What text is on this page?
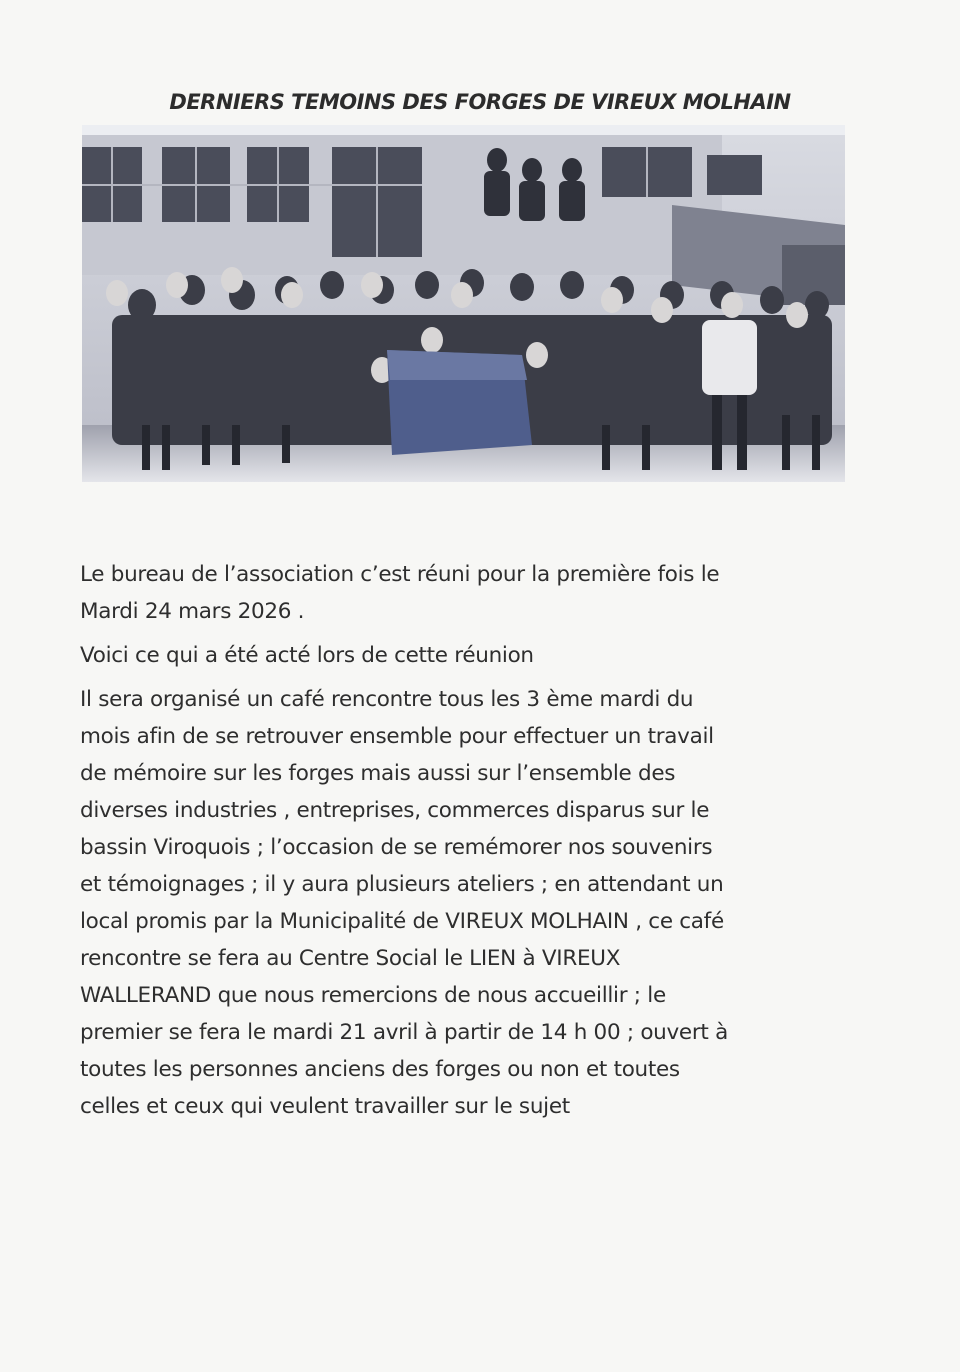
DERNIERS TEMOINS DES FORGES DE VIREUX MOLHAIN

Le bureau de l’association c’est réuni pour la première fois le
Mardi 24 mars 2026 .

Voici ce qui a été acté lors de cette réunion

Il sera organisé un café rencontre tous les 3 ème mardi du
mois afin de se retrouver ensemble pour effectuer un travail
de mémoire sur les forges mais aussi sur l’ensemble des
diverses industries , entreprises, commerces disparus sur le
bassin Viroquois ; l’occasion de se remémorer nos souvenirs
et témoignages ; il y aura plusieurs ateliers ; en attendant un
local promis par la Municipalité de VIREUX MOLHAIN , ce café
rencontre se fera au Centre Social le LIEN à VIREUX
WALLERAND que nous remercions de nous accueillir ; le
premier se fera le mardi 21 avril à partir de 14 h 00 ; ouvert à
toutes les personnes anciens des forges ou non et toutes
celles et ceux qui veulent travailler sur le sujet
